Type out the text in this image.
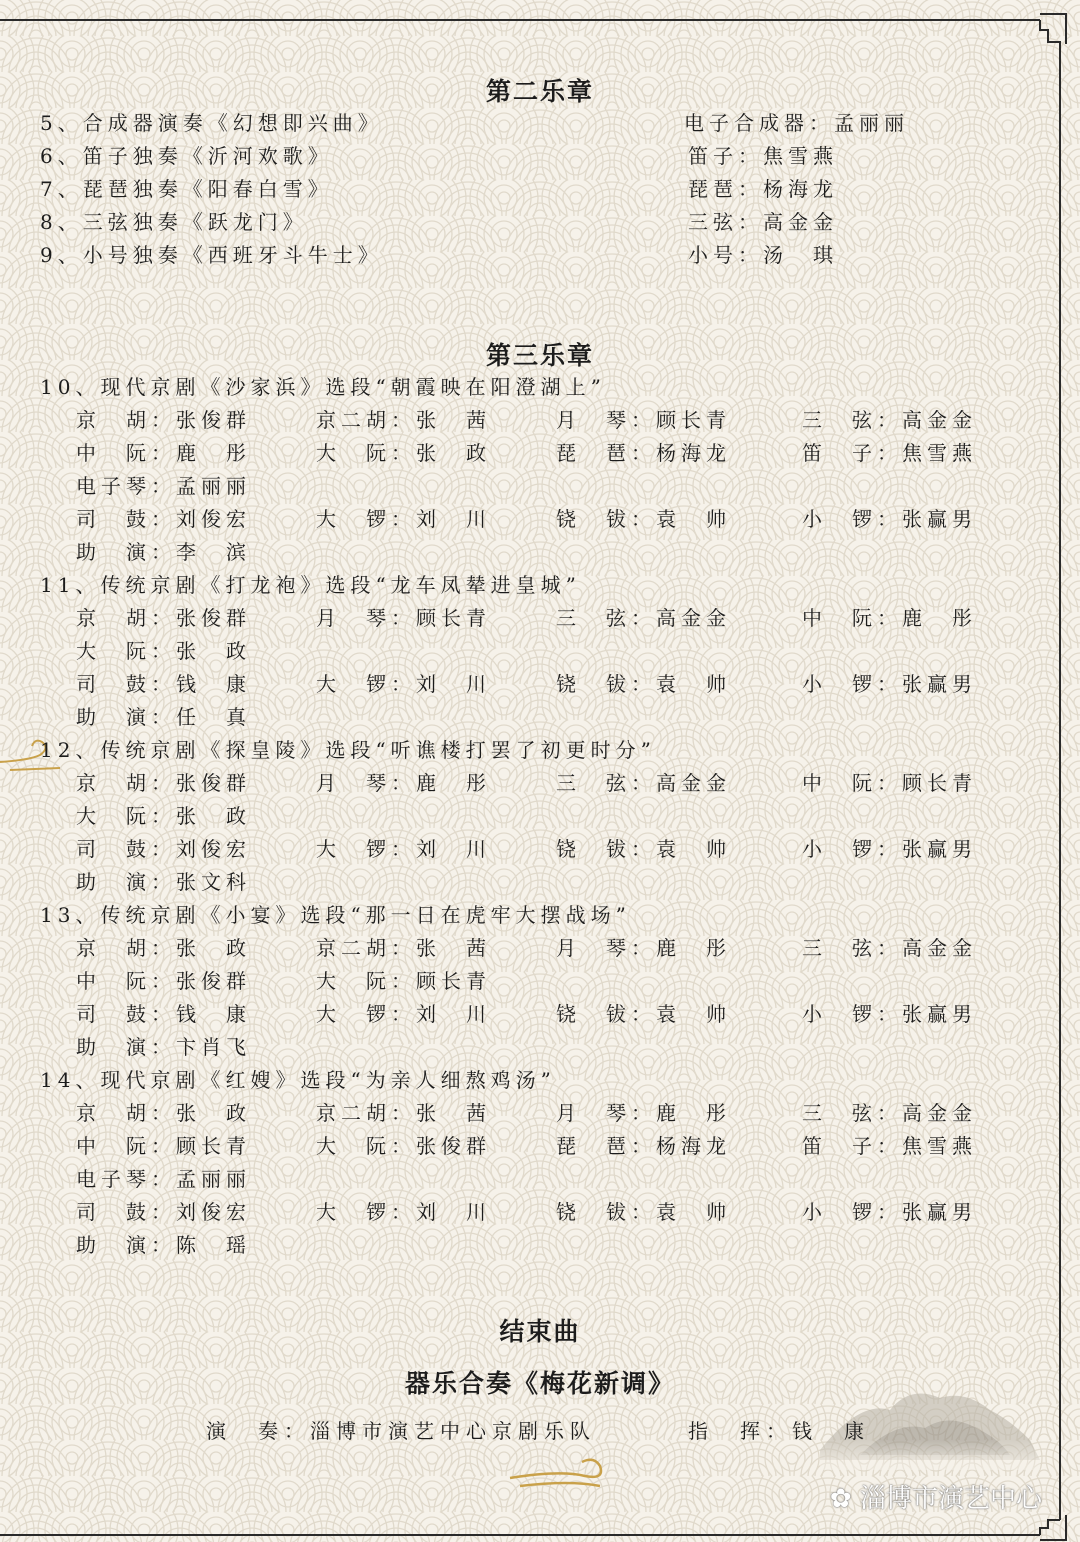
第二乐章
5、合成器演奏《幻想即兴曲》	电子合成器：孟丽丽
6、笛子独奏《沂河欢歌》	笛子：焦雪燕
7、琵琶独奏《阳春白雪》	琵琶：杨海龙
8、三弦独奏《跃龙门》	三弦：高金金
9、小号独奏《西班牙斗牛士》	小号：汤　琪
第三乐章
10、现代京剧《沙家浜》选段“朝霞映在阳澄湖上”
京　胡：张俊群	京二胡：张　茜	月　琴：顾长青	三　弦：高金金
中　阮：鹿　彤	大　阮：张　政	琵　琶：杨海龙	笛　子：焦雪燕
电子琴：孟丽丽
司　鼓：刘俊宏	大　锣：刘　川	铙　钹：袁　帅	小　锣：张赢男
助　演：李　滨
11、传统京剧《打龙袍》选段“龙车凤辇进皇城”
京　胡：张俊群	月　琴：顾长青	三　弦：高金金	中　阮：鹿　彤
大　阮：张　政
司　鼓：钱　康	大　锣：刘　川	铙　钹：袁　帅	小　锣：张赢男
助　演：任　真
12、传统京剧《探皇陵》选段“听谯楼打罢了初更时分”
京　胡：张俊群	月　琴：鹿　彤	三　弦：高金金	中　阮：顾长青
大　阮：张　政
司　鼓：刘俊宏	大　锣：刘　川	铙　钹：袁　帅	小　锣：张赢男
助　演：张文科
13、传统京剧《小宴》选段“那一日在虎牢大摆战场”
京　胡：张　政	京二胡：张　茜	月　琴：鹿　彤	三　弦：高金金
中　阮：张俊群	大　阮：顾长青
司　鼓：钱　康	大　锣：刘　川	铙　钹：袁　帅	小　锣：张赢男
助　演：卞肖飞
14、现代京剧《红嫂》选段“为亲人细熬鸡汤”
京　胡：张　政	京二胡：张　茜	月　琴：鹿　彤	三　弦：高金金
中　阮：顾长青	大　阮：张俊群	琵　琶：杨海龙	笛　子：焦雪燕
电子琴：孟丽丽
司　鼓：刘俊宏	大　锣：刘　川	铙　钹：袁　帅	小　锣：张赢男
助　演：陈　瑶
结束曲
器乐合奏《梅花新调》
演　奏：淄博市演艺中心京剧乐队	指　挥：钱　康
✿ 淄博市演艺中心
